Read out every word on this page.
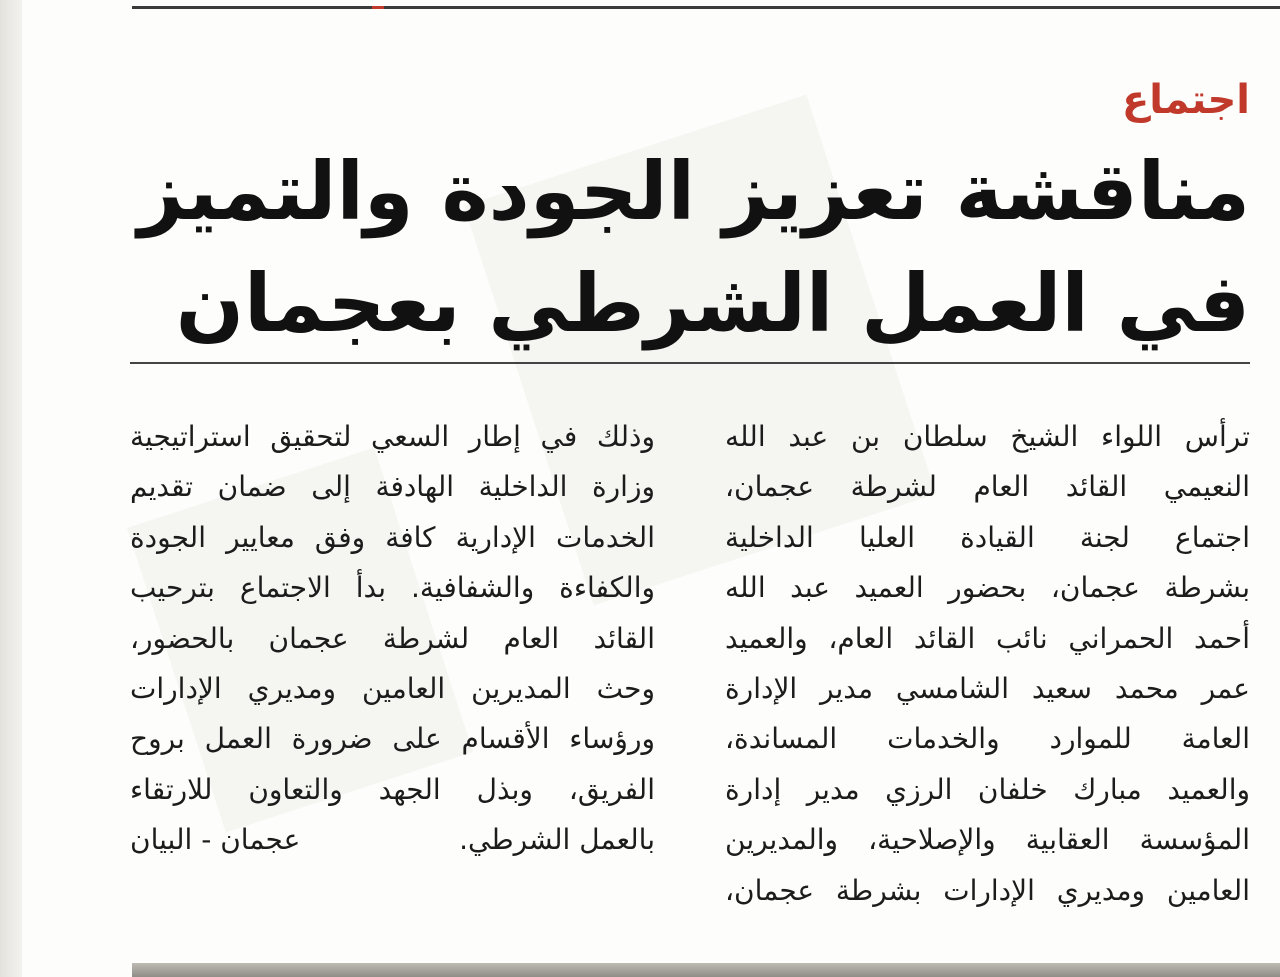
اجتماع
مناقشة تعزيز الجودة والتميز
في العمل الشرطي بعجمان

ترأس اللواء الشيخ سلطان بن عبد الله

النعيمي القائد العام لشرطة عجمان،

اجتماع لجنة القيادة العليا الداخلية

بشرطة عجمان، بحضور العميد عبد الله

أحمد الحمراني نائب القائد العام، والعميد

عمر محمد سعيد الشامسي مدير الإدارة

العامة للموارد والخدمات المساندة،

والعميد مبارك خلفان الرزي مدير إدارة

المؤسسة العقابية والإصلاحية، والمديرين

العامين ومديري الإدارات بشرطة عجمان،

وذلك في إطار السعي لتحقيق استراتيجية

وزارة الداخلية الهادفة إلى ضمان تقديم

الخدمات الإدارية كافة وفق معايير الجودة

والكفاءة والشفافية. بدأ الاجتماع بترحيب

القائد العام لشرطة عجمان بالحضور،

وحث المديرين العامين ومديري الإدارات

ورؤساء الأقسام على ضرورة العمل بروح

الفريق، وبذل الجهد والتعاون للارتقاء

بالعمل الشرطي.
عجمان - البيان
